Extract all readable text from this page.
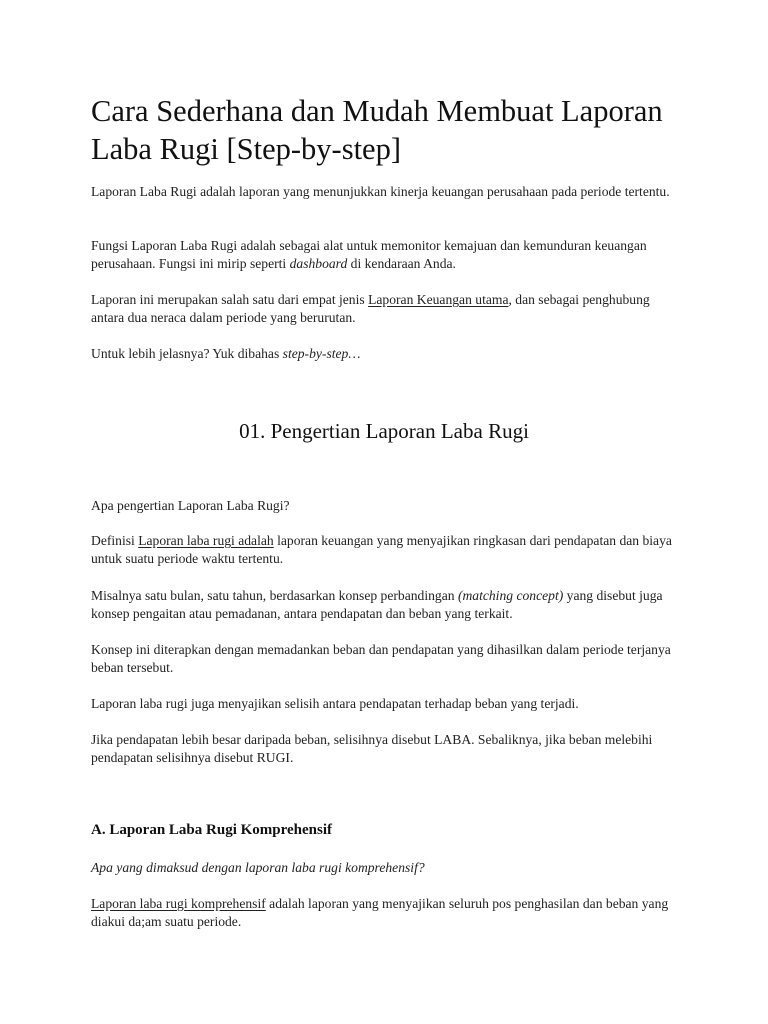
Cara Sederhana dan Mudah Membuat Laporan Laba Rugi [Step-by-step]

Laporan Laba Rugi adalah laporan yang menunjukkan kinerja keuangan perusahaan pada periode tertentu.

Fungsi Laporan Laba Rugi adalah sebagai alat untuk memonitor kemajuan dan kemunduran keuangan perusahaan. Fungsi ini mirip seperti dashboard di kendaraan Anda.

Laporan ini merupakan salah satu dari empat jenis Laporan Keuangan utama, dan sebagai penghubung antara dua neraca dalam periode yang berurutan.

Untuk lebih jelasnya? Yuk dibahas step-by-step…

01. Pengertian Laporan Laba Rugi

Apa pengertian Laporan Laba Rugi?

Definisi Laporan laba rugi adalah laporan keuangan yang menyajikan ringkasan dari pendapatan dan biaya untuk suatu periode waktu tertentu.

Misalnya satu bulan, satu tahun, berdasarkan konsep perbandingan (matching concept) yang disebut juga konsep pengaitan atau pemadanan, antara pendapatan dan beban yang terkait.

Konsep ini diterapkan dengan memadankan beban dan pendapatan yang dihasilkan dalam periode terjanya beban tersebut.

Laporan laba rugi juga menyajikan selisih antara pendapatan terhadap beban yang terjadi.

Jika pendapatan lebih besar daripada beban, selisihnya disebut LABA. Sebaliknya, jika beban melebihi pendapatan selisihnya disebut RUGI.

A. Laporan Laba Rugi Komprehensif

Apa yang dimaksud dengan laporan laba rugi komprehensif?

Laporan laba rugi komprehensif adalah laporan yang menyajikan seluruh pos penghasilan dan beban yang diakui da;am suatu periode.
